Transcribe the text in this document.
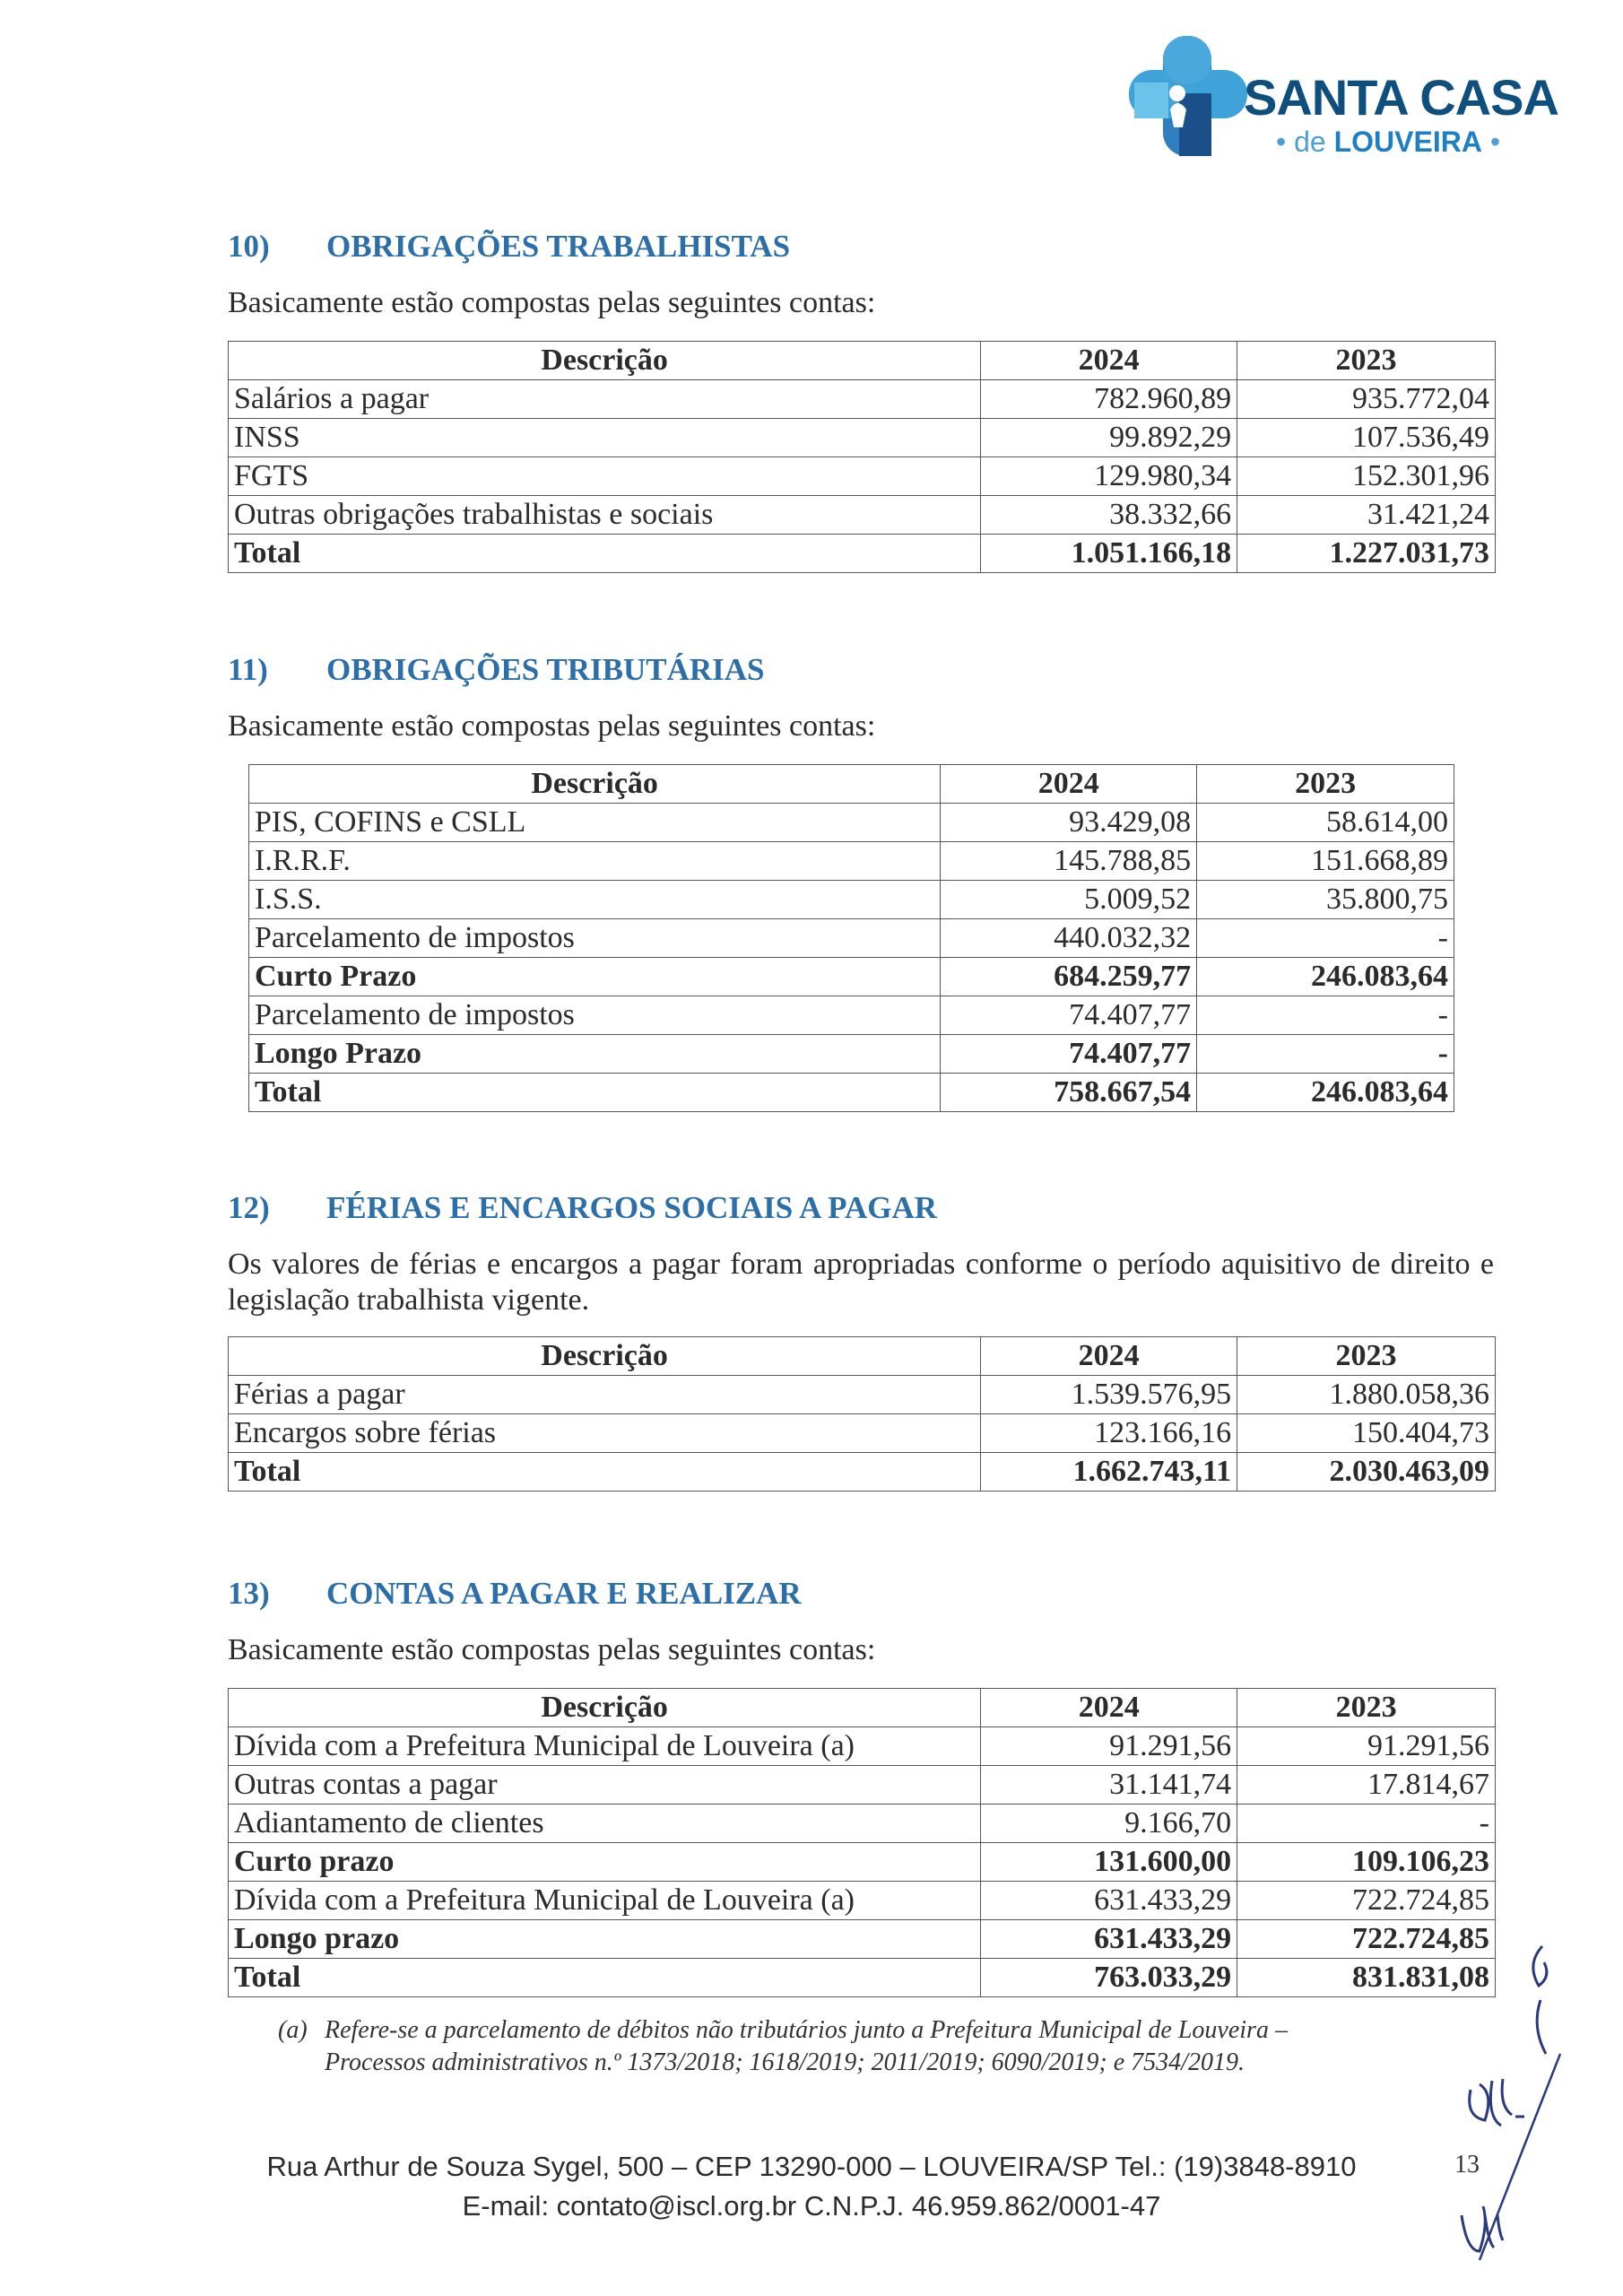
SANTA CASA
• de LOUVEIRA •
10)	OBRIGAÇÕES TRABALHISTAS
Basicamente estão compostas pelas seguintes contas:
Descrição	2024	2023
Salários a pagar	782.960,89	935.772,04
INSS	99.892,29	107.536,49
FGTS	129.980,34	152.301,96
Outras obrigações trabalhistas e sociais	38.332,66	31.421,24
Total	1.051.166,18	1.227.031,73
11)	OBRIGAÇÕES TRIBUTÁRIAS
Basicamente estão compostas pelas seguintes contas:
Descrição	2024	2023
PIS, COFINS e CSLL	93.429,08	58.614,00
I.R.R.F.	145.788,85	151.668,89
I.S.S.	5.009,52	35.800,75
Parcelamento de impostos	440.032,32	-
Curto Prazo	684.259,77	246.083,64
Parcelamento de impostos	74.407,77	-
Longo Prazo	74.407,77	-
Total	758.667,54	246.083,64
12)	FÉRIAS E ENCARGOS SOCIAIS A PAGAR
Os valores de férias e encargos a pagar foram apropriadas conforme o período aquisitivo de direito e legislação trabalhista vigente.
Descrição	2024	2023
Férias a pagar	1.539.576,95	1.880.058,36
Encargos sobre férias	123.166,16	150.404,73
Total	1.662.743,11	2.030.463,09
13)	CONTAS A PAGAR E REALIZAR
Basicamente estão compostas pelas seguintes contas:
Descrição	2024	2023
Dívida com a Prefeitura Municipal de Louveira (a)	91.291,56	91.291,56
Outras contas a pagar	31.141,74	17.814,67
Adiantamento de clientes	9.166,70	-
Curto prazo	131.600,00	109.106,23
Dívida com a Prefeitura Municipal de Louveira (a)	631.433,29	722.724,85
Longo prazo	631.433,29	722.724,85
Total	763.033,29	831.831,08
(a) Refere-se a parcelamento de débitos não tributários junto a Prefeitura Municipal de Louveira –
Processos administrativos n.º 1373/2018; 1618/2019; 2011/2019; 6090/2019; e 7534/2019.
13
Rua Arthur de Souza Sygel, 500 – CEP 13290-000 – LOUVEIRA/SP Tel.: (19)3848-8910
E-mail: contato@iscl.org.br C.N.P.J. 46.959.862/0001-47
